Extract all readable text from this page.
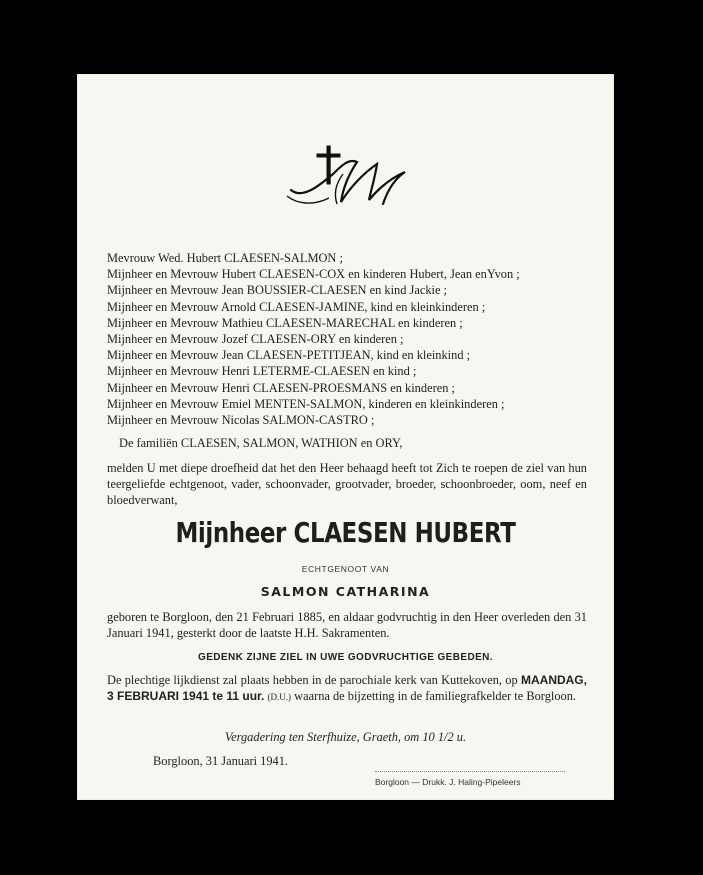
Mevrouw Wed. Hubert CLAESEN-SALMON ;
Mijnheer en Mevrouw Hubert CLAESEN-COX en kinderen Hubert, Jean enYvon ;
Mijnheer en Mevrouw Jean BOUSSIER-CLAESEN en kind Jackie ;
Mijnheer en Mevrouw Arnold CLAESEN-JAMINE, kind en kleinkinderen ;
Mijnheer en Mevrouw Mathieu CLAESEN-MARECHAL en kinderen ;
Mijnheer en Mevrouw Jozef CLAESEN-ORY en kinderen ;
Mijnheer en Mevrouw Jean CLAESEN-PETITJEAN, kind en kleinkind ;
Mijnheer en Mevrouw Henri LETERME-CLAESEN en kind ;
Mijnheer en Mevrouw Henri CLAESEN-PROESMANS en kinderen ;
Mijnheer en Mevrouw Emiel MENTEN-SALMON, kinderen en kleinkinderen ;
Mijnheer en Mevrouw Nicolas SALMON-CASTRO ;
De familiën CLAESEN, SALMON, WATHION en ORY,
melden U met diepe droefheid dat het den Heer behaagd heeft tot Zich te roepen de ziel van hun teergeliefde echtgenoot, vader, schoonvader, grootvader, broeder, schoonbroeder, oom, neef en bloedverwant,
Mijnheer CLAESEN HUBERT
ECHTGENOOT VAN
SALMON CATHARINA
geboren te Borgloon, den 21 Februari 1885, en aldaar godvruchtig in den Heer overleden den 31 Januari 1941, gesterkt door de laatste H.H. Sakramenten.
GEDENK ZIJNE ZIEL IN UWE GODVRUCHTIGE GEBEDEN.
De plechtige lijkdienst zal plaats hebben in de parochiale kerk van Kuttekoven, op MAANDAG, 3 FEBRUARI 1941 te 11 uur. (D.U.) waarna de bijzetting in de familiegrafkelder te Borgloon.
Vergadering ten Sterfhuize, Graeth, om 10 1/2 u.
Borgloon, 31 Januari 1941.
Borgloon — Drukk. J. Haling-Pipeleers
